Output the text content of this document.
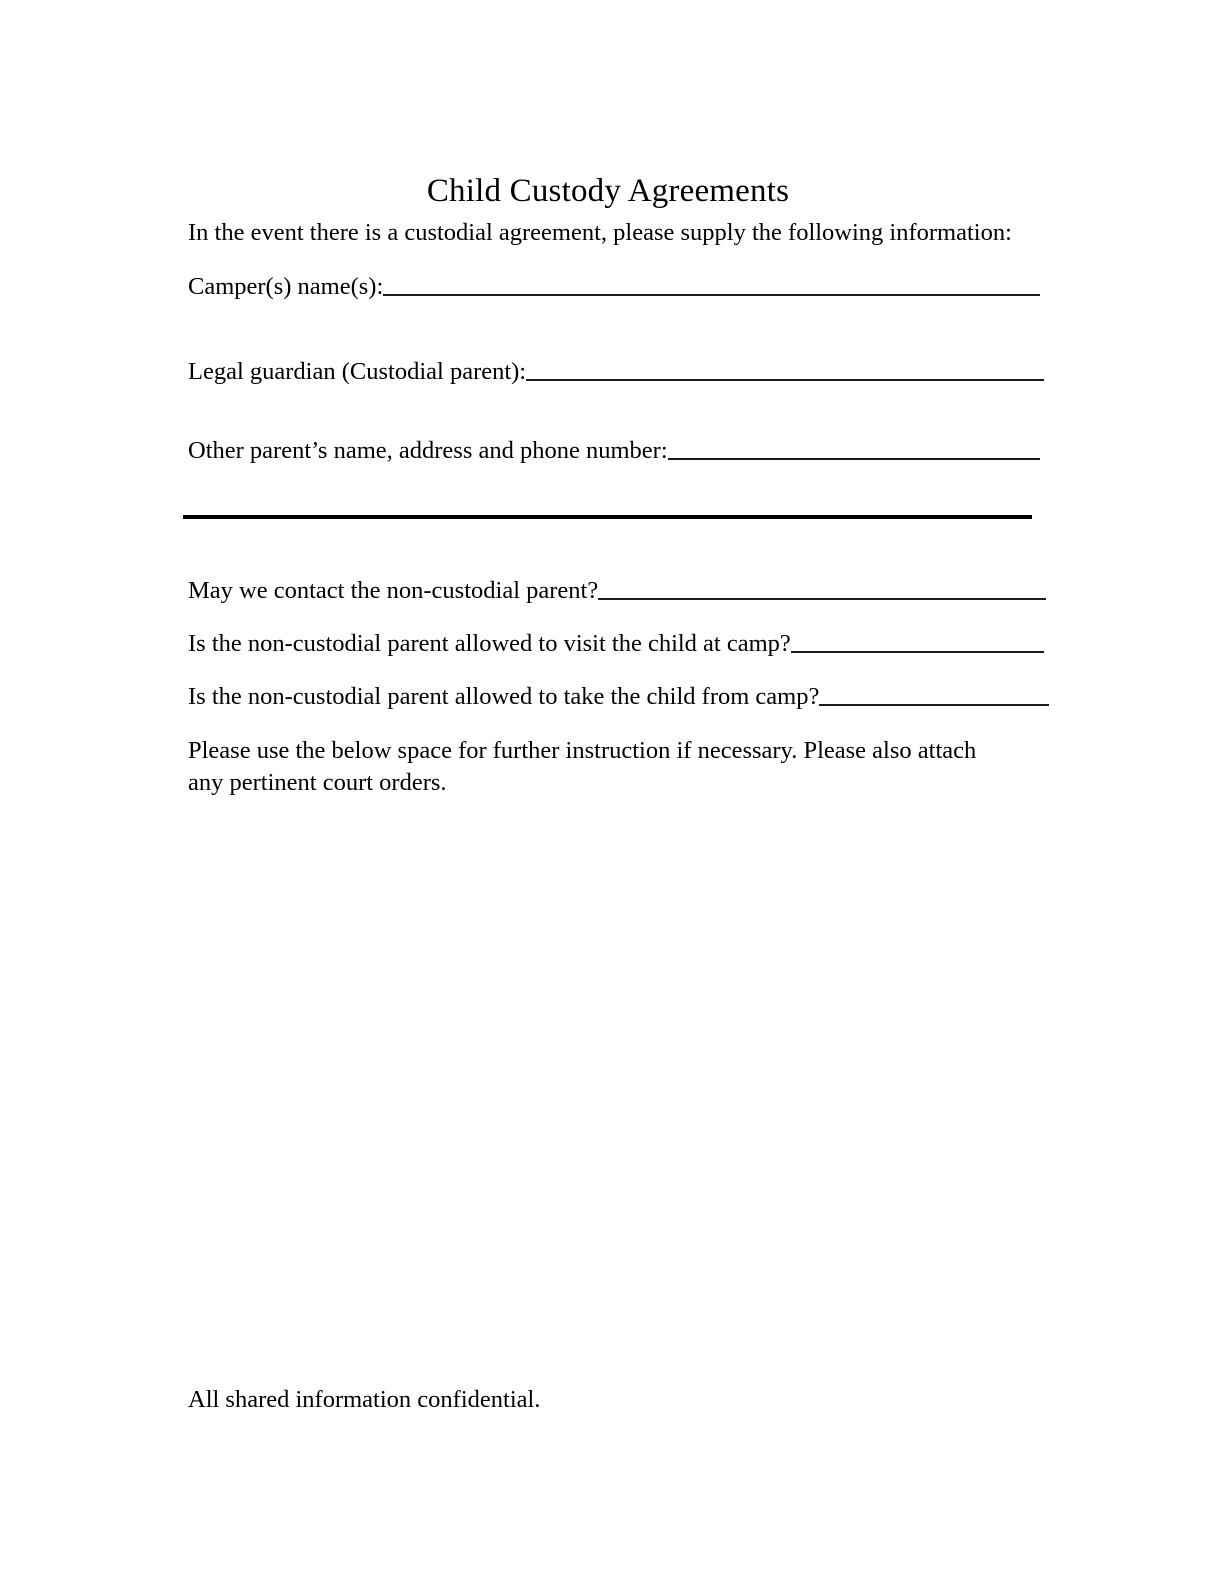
Child Custody Agreements
In the event there is a custodial agreement, please supply the following information:
Camper(s) name(s):
Legal guardian (Custodial parent):
Other parent’s name, address and phone number:
May we contact the non-custodial parent?
Is the non-custodial parent allowed to visit the child at camp?
Is the non-custodial parent allowed to take the child from camp?
Please use the below space for further instruction if necessary. Please also attach any pertinent court orders.
All shared information confidential.
